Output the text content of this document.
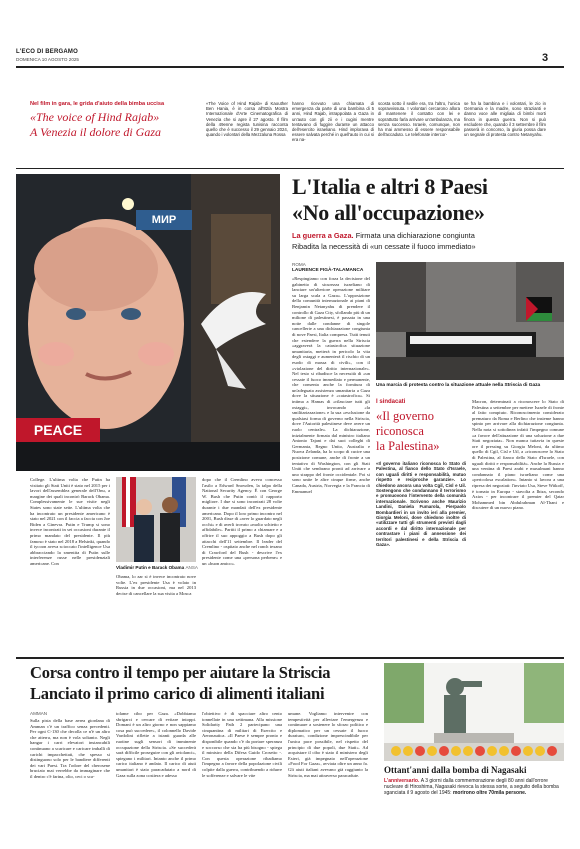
L'ECO DI BERGAMO
DOMENICA 10 AGOSTO 2025	3
Nel film in gara, le grida d'aiuto della bimba uccisa
«The voice of Hind Rajab»
A Venezia il dolore di Gaza
«The Voice of Hind Rajab» di Kaouther Ben Hania, è in corsa all'82/a Mostra Internazionale d'Arte Cinematografica di Venezia che si apre il 27 agosto. Il film della 49enne regista tunisina racconta quello che è successo il 29 gennaio 2024, quando i volontari della Mezzaluna Rossa
hanno ricevuto una chiamata di emergenza da parte di una bambina di 5 anni, Hind Rajab, intrappolata a Gaza in un'auto con gli zii e i cugini mentre tentavano di fuggire durante un attacco dell'esercito israeliano. Hind implorava di essere salvata perché in quell'auto in cui si era na-
scosta sotto il sedile era, tra l'altro, l'unica sopravvissuta. I volontari cercarono allora di mantenere il contatto con lei e soprattutto farla arrivare un'ambulanza, ma senza successo. Israele, comunque, non ha mai ammesso di essere responsabile dell'accaduto. Le telefonate intercor-
se fra la bambina e i volontari, le zio in Germania e la madre, sono strazianti e danno voce alle migliaia di bimbi morti finora in questa guerra. Non si può escludere che, quando il 3 settembre il film passerà in concorso, la giuria possa dare un segnale di protesta contro Netanyahu.
МИР
PEACE
L'Italia e altri 8 Paesi
«No all'occupazione»
La guerra a Gaza. Firmata una dichiarazione congiunta
Ribadita la necessità di «un cessate il fuoco immediato»
ROMA
LAURENCE FIGÀ-TALAMANCA
«Respingiamo con forza la decisione del gabinetto di sicurezza israeliano di lanciare un'ulteriore operazione militare su larga scala a Gaza». L'opposizione della comunità internazionale ai piani di Benjamin Netanyahu di prendere il controllo di Gaza City, sfollando più di un milione di palestinesi, è passata in una notte dalle condanne di singole cancellerie a una dichiarazione congiunta di nove Paesi, Italia compresa. Tutti tenuti che estendere la guerra nella Striscia «aggraverà la catastrofica situazione umanitaria, metterà in pericolo la vita degli ostaggi e aumenterà il rischio di un esodo di massa di civili», con il «violazione del diritto internazionale». Nel testo si ribadisce la necessità di «un cessate il fuoco immediato e permanente, che consenta anche la fornitura di un'adeguata assistenza umanitaria a Gaza dove la situazione è «catastrofica». Si intima a Hamas di «rilasciare tutti gli ostaggi», invocando «la smilitarizzazione» e la sua «esclusione da qualsiasi forma di governo nella Striscia, dove l'Autorità palestinese deve avere un ruolo centrale». La dichiarazione, inizialmente firmata dal ministro italiano Antonio Tajani e dai suoi colleghi di Germania, Regno Unito, Australia e Nuova Zelanda, ha lo scopo di cucire una posizione comune, anche di fronte a un tentativo di Washington, con gli Stati Uniti che sembrano pronti ad arrivare a uno strappo del fronte occidentale. Poi si sono unite le altre cinque firme, anche Canada, Austria, Norvegia e la Francia di Emmanuel
Una marcia di protesta contro la situazione attuale nella Striscia di Gaza
I sindacati
«Il governo
riconosca
la Palestina»
«Il governo italiano riconosca lo Stato di Palestina, al fianco dello Stato d'Israele, con uguali diritti e responsabilità, mutuo rispetto e reciproche garanzie». Lo chiedono ancora una volta Cgil, Cisl e Uil. Sostengono che condannano il terrorismo e promuovono l'intervento della comunità internazionale. Scrivono anche Maurizio Landini, Daniela Fumarola, Pierpaolo Bombardieri in un invito ieri alla premier, Giorgia Meloni, dove chiedono inoltre di «utilizzare tutti gli strumenti previsti dagli accordi e dal diritto internazionale per contrastare i piani di annessione dei territori palestinesi e della Striscia di Gaza».
Macron, determinati a riconoscere lo Stato di Palestina a settembre per mettere Israele di fronte al fatto compiuto. Riconoscimento considerato prematuro da Roma e Berlino che insieme hanno spinto per arrivare alla dichiarazione congiunta. Nella nota si sottolinea infatti l'impegno comune «a favore dell'attuazione di una soluzione a due Stati negoziata». Non manca tuttavia in queste ore il pressing su Giorgia Meloni, da ultimo quello di Cgil, Cisl e Uil, a «riconoscere lo Stato di Palestina, al fianco dello Stato d'Israele, con uguali diritti e responsabilità». Anche la Russia e una ventina di Paesi arabi e musulmani hanno condannato il piano israeliano come una «pericolosa escalation». Intanto si lavora a una ripresa dei negoziati: l'inviato Usa, Steve Witkoff, è tornato in Europa - stavolta a Ibiza, secondo Axios - per incontrare il premier del Qatar Mohammed bin Abdulrahman Al-Thani e discutere di un nuovo piano.
College. L'ultima volta che Putin ha visitato gli Stati Uniti è stato nel 2015 per i lavori dell'assemblea generale dell'Onu, a margine dei quali incontrò Barack Obama. Complessivamente le sue visite negli States sono state sette. L'ultima volta che ha incontrato un presidente americano è stato nel 2021 con il faccia a faccia con Joe Biden a Ginevra. Putin e Trump si sono invece incontrati in sei occasioni durante il primo mandato del presidente. Il più famoso è stato nel 2018 a Helsinki, quando il tycoon aveva scioccato l'intelligence Usa abbracciando la smentita di Putin sulle interferenze russe nelle presidenziali americane. Con
Vladimir Putin e Barack Obama ANSA
Obama, lo zar si è invece incontrato nove volte. L'ex presidente Usa è volato in Russia in due occasioni, ma nel 2013 decise di cancellare la sua visita a Mosca
dopo che il Cremlino aveva concesso l'asilo a Edward Snowden, la talpa della National Security Agency. È con George W. Bush che Putin contò il rapporto migliore. I due si sono incontrati 28 volte durante i due mandati dell'ex presidente americano. Dopo il loro primo incontro nel 2001, Bush disse di «aver lo guardato negli occhi» e di averli trovato «molto schietto e affidabile». Partiti il primo a chiamare e a offrire il suo appoggio a Bush dopo gli attacchi dell'11 settembre. Il leader del Cremlino - ospitato anche nel ranch texano di Crawford del Bush - descrive l'ex presidente come una «persona perbene» e un «buon amico».
Corsa contro il tempo per aiutare la Striscia
Lanciato il primo carico di alimenti italiani
AMMAN
Sulla pista della base aerea giordana di Amman c'è un traffico senza precedenti. Per ogni C-130 che decolla ce n'è un altro che atterra, ma non è vola soltanto. Negli hangar i carri elevatori instancabili continuano a scaricare e caricare imballi di carichi impacchettati, che spesso si distinguono solo per le bandiere differenti dei vari Paesi. Tra l'odore del cherosene bruciato mai verrebbe da immaginare che il dentro c'è farina, olio, ceci o sca-
tolame cibo per Gaza. «Dobbiamo sbrigarci e cercare di evitare intoppi. Domani è un altro giorno e non sappiamo cosa può succedere», il colonnello Davide Vardolini riflette a istanti guarda alle ruotine sugli sensori di imminente occupazione della Striscia. «Se succederà sarà difficile proseguire con gli aviolanci», spiegano i militari. Intanto anche il primo carico italiano è andato. Il carico di aiuti umanitari è stato paracadutato a nord di Gaza sulla zona costiera e adesso
l'obiettivo è di spacciare altro cento tonnellate in una settimana. Alla missione Solidarity Path 2 partecipano una cinquantina di militari di Esercito e Aeronautica. «Il Paese è sempre pronto e disponibile quando c'è da portare speranza e soccorso che sia ha più bisogno - spiega il ministro della Difesa Guido Crosetto -. Con questa operazione ribadiamo l'impegno a favore della popolazione civili colpite dalla guerra, contribuendo a ridurre le sofferenze e salvare le vite
umane. Vogliamo intervenire con tempestività per alleviare l'emergenza e continuare a sostenere lo sforzo politico e diplomatico per un cessate il fuoco duraturo, condizione imprescindibile per l'unica pace possibile, nel rispetto del principio di due popoli, due Stati». Ad acquistare il cibo è stato il ministero degli Esteri, già impegnato nell'operazione «Food For Gaza», avviata oltre un anno fa. Gli aiuti italiani avevano già raggiunto la Striscia, ma mai attraverso paracadute.
Ottant'anni dalla bomba di Nagasaki
L'anniversario. A 3 giorni dalla commemorazione degli 80 anni dall'orrore nucleare di Hiroshima, Nagasaki rievoca la stessa sorte, a seguito della bomba sganciata il 9 agosto del 1945: morirono oltre 70mila persone.
